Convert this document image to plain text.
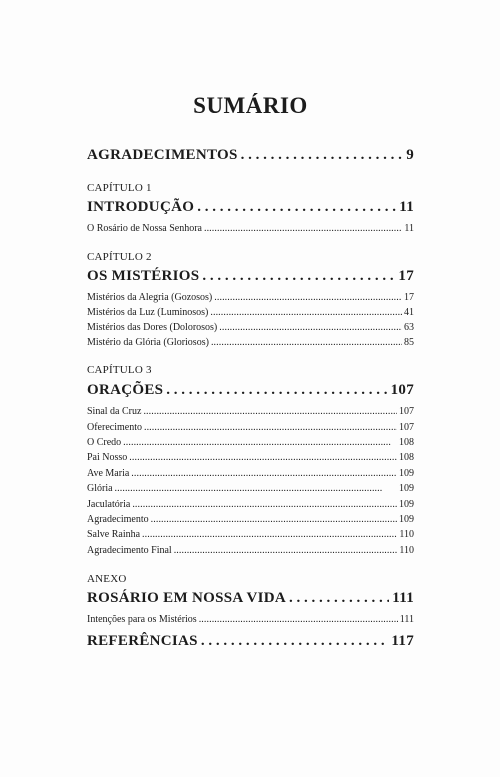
SUMÁRIO
AGRADECIMENTOS . . .	9
CAPÍTULO 1
INTRODUÇÃO . . .	11
O Rosário de Nossa Senhora . . .	11
CAPÍTULO 2
OS MISTÉRIOS . . .	17
Mistérios da Alegria (Gozosos) . . .	17
Mistérios da Luz (Luminosos) . . .	41
Mistérios das Dores (Dolorosos) . . .	63
Mistério da Glória (Gloriosos) . . .	85
CAPÍTULO 3
ORAÇÕES . . .	107
Sinal da Cruz . . .	107
Oferecimento . . .	107
O Credo . . .	108
Pai Nosso . . .	108
Ave Maria . . .	109
Glória . . .	109
Jaculatória . . .	109
Agradecimento . . .	109
Salve Rainha . . .	110
Agradecimento Final . . .	110
ANEXO
ROSÁRIO EM NOSSA VIDA . . .	111
Intenções para os Mistérios . . .	111
REFERÊNCIAS . . .	117
